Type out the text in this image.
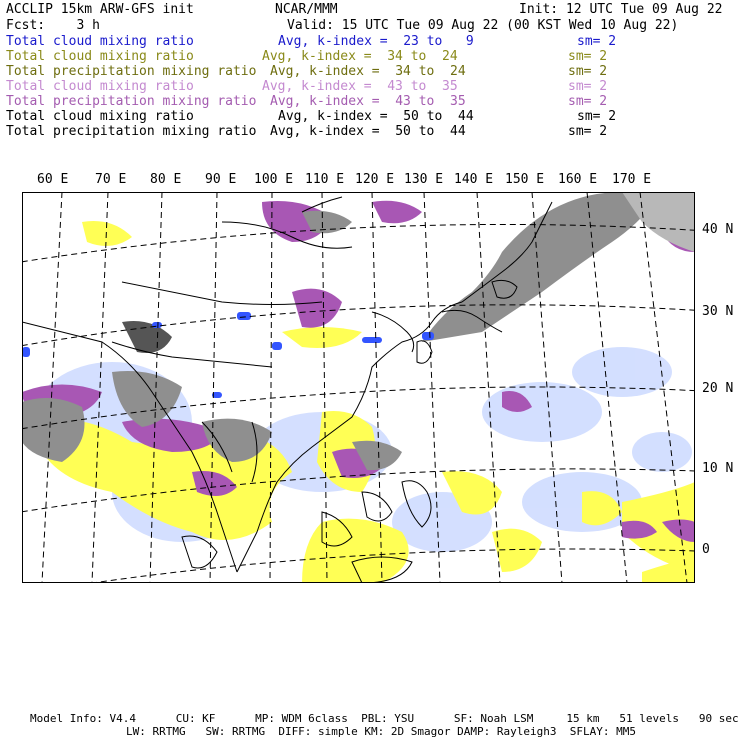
ACCLIP 15km ARW-GFS init	NCAR/MMM	Init: 12 UTC Tue 09 Aug 22
Fcst:    3 h	Valid: 15 UTC Tue 09 Aug 22 (00 KST Wed 10 Aug 22)
Total cloud mixing ratio	Avg, k-index =  23 to   9	sm= 2
Total cloud mixing ratio	Avg, k-index =  34 to  24	sm= 2
Total precipitation mixing ratio Avg, k-index =  34 to  24	sm= 2
Total cloud mixing ratio	Avg, k-index =  43 to  35	sm= 2
Total precipitation mixing ratio Avg, k-index =  43 to  35	sm= 2
Total cloud mixing ratio	Avg, k-index =  50 to  44	sm= 2
Total precipitation mixing ratio Avg, k-index =  50 to  44	sm= 2
60 E 70 E 80 E 90 E 100 E 110 E 120 E 130 E 140 E 150 E 160 E 170 E
40 N
30 N
20 N
10 N
0
Model Info: V4.4      CU: KF      MP: WDM 6class  PBL: YSU      SF: Noah LSM     15 km   51 levels   90 sec
LW: RRTMG   SW: RRTMG  DIFF: simple KM: 2D Smagor DAMP: Rayleigh3  SFLAY: MM5
